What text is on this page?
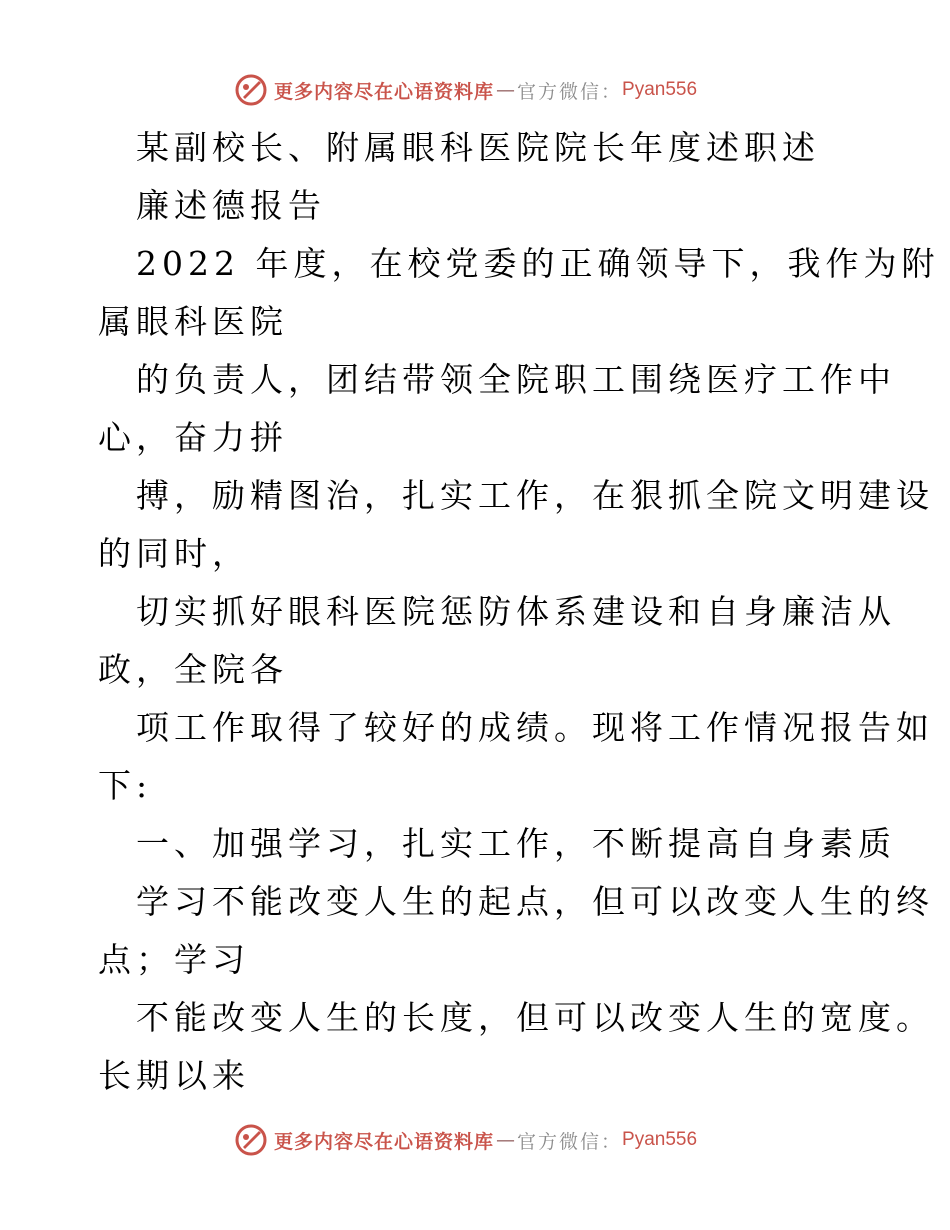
更多内容尽在心语资料库 — 官方微信： Pyan556
某副校长、附属眼科医院院长年度述职述
廉述德报告
2022 年度，在校党委的正确领导下，我作为附
属眼科医院
的负责人，团结带领全院职工围绕医疗工作中
心，奋力拼
搏，励精图治，扎实工作，在狠抓全院文明建设
的同时，
切实抓好眼科医院惩防体系建设和自身廉洁从
政，全院各
项工作取得了较好的成绩。现将工作情况报告如
下:
一、加强学习，扎实工作，不断提高自身素质
学习不能改变人生的起点，但可以改变人生的终
点；学习
不能改变人生的长度，但可以改变人生的宽度。
长期以来
更多内容尽在心语资料库 — 官方微信： Pyan556
